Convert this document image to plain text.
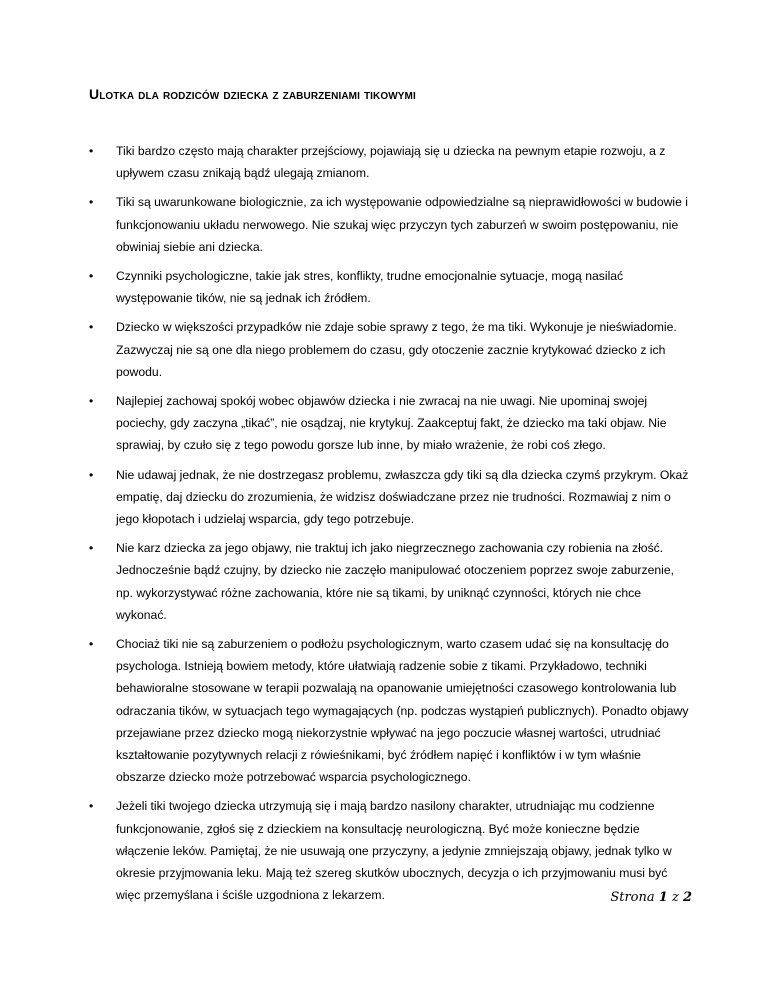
Ulotka dla rodziców dziecka z zaburzeniami tikowymi
• Tiki bardzo często mają charakter przejściowy, pojawiają się u dziecka na pewnym etapie rozwoju, a z upływem czasu znikają bądź ulegają zmianom.
• Tiki są uwarunkowane biologicznie, za ich występowanie odpowiedzialne są nieprawidłowości w budowie i funkcjonowaniu układu nerwowego. Nie szukaj więc przyczyn tych zaburzeń w swoim postępowaniu, nie obwiniaj siebie ani dziecka.
• Czynniki psychologiczne, takie jak stres, konflikty, trudne emocjonalnie sytuacje, mogą nasilać występowanie tików, nie są jednak ich źródłem.
• Dziecko w większości przypadków nie zdaje sobie sprawy z tego, że ma tiki. Wykonuje je nieświadomie. Zazwyczaj nie są one dla niego problemem do czasu, gdy otoczenie zacznie krytykować dziecko z ich powodu.
• Najlepiej zachowaj spokój wobec objawów dziecka i nie zwracaj na nie uwagi. Nie upominaj swojej pociechy, gdy zaczyna „tikać”, nie osądzaj, nie krytykuj. Zaakceptuj fakt, że dziecko ma taki objaw. Nie sprawiaj, by czuło się z tego powodu gorsze lub inne, by miało wrażenie, że robi coś złego.
• Nie udawaj jednak, że nie dostrzegasz problemu, zwłaszcza gdy tiki są dla dziecka czymś przykrym. Okaż empatię, daj dziecku do zrozumienia, że widzisz doświadczane przez nie trudności. Rozmawiaj z nim o jego kłopotach i udzielaj wsparcia, gdy tego potrzebuje.
• Nie karz dziecka za jego objawy, nie traktuj ich jako niegrzecznego zachowania czy robienia na złość. Jednocześnie bądź czujny, by dziecko nie zaczęło manipulować otoczeniem poprzez swoje zaburzenie, np. wykorzystywać różne zachowania, które nie są tikami, by uniknąć czynności, których nie chce wykonać.
• Chociaż tiki nie są zaburzeniem o podłożu psychologicznym, warto czasem udać się na konsultację do psychologa. Istnieją bowiem metody, które ułatwiają radzenie sobie z tikami. Przykładowo, techniki behawioralne stosowane w terapii pozwalają na opanowanie umiejętności czasowego kontrolowania lub odraczania tików, w sytuacjach tego wymagających (np. podczas wystąpień publicznych). Ponadto objawy przejawiane przez dziecko mogą niekorzystnie wpływać na jego poczucie własnej wartości, utrudniać kształtowanie pozytywnych relacji z rówieśnikami, być źródłem napięć i konfliktów i w tym właśnie obszarze dziecko może potrzebować wsparcia psychologicznego.
• Jeżeli tiki twojego dziecka utrzymują się i mają bardzo nasilony charakter, utrudniając mu codzienne funkcjonowanie, zgłoś się z dzieckiem na konsultację neurologiczną. Być może konieczne będzie włączenie leków. Pamiętaj, że nie usuwają one przyczyny, a jedynie zmniejszają objawy, jednak tylko w okresie przyjmowania leku. Mają też szereg skutków ubocznych, decyzja o ich przyjmowaniu musi być więc przemyślana i ściśle uzgodniona z lekarzem.	Strona 1 z 2
